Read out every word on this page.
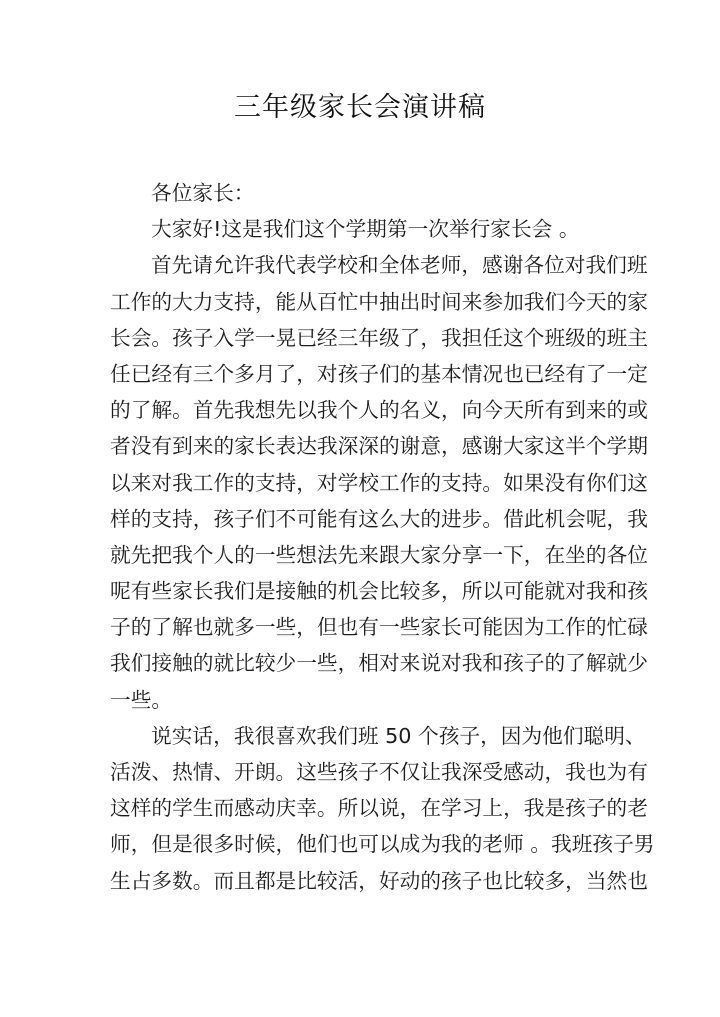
三年级家长会演讲稿
各位家长：
大家好!这是我们这个学期第一次举行家长会 。
首先请允许我代表学校和全体老师，感谢各位对我们班
工作的大力支持，能从百忙中抽出时间来参加我们今天的家
长会。孩子入学一晃已经三年级了，我担任这个班级的班主
任已经有三个多月了，对孩子们的基本情况也已经有了一定
的了解。首先我想先以我个人的名义，向今天所有到来的或
者没有到来的家长表达我深深的谢意，感谢大家这半个学期
以来对我工作的支持，对学校工作的支持。如果没有你们这
样的支持，孩子们不可能有这么大的进步。借此机会呢，我
就先把我个人的一些想法先来跟大家分享一下，在坐的各位
呢有些家长我们是接触的机会比较多，所以可能就对我和孩
子的了解也就多一些，但也有一些家长可能因为工作的忙碌
我们接触的就比较少一些，相对来说对我和孩子的了解就少
一些。
说实话，我很喜欢我们班 50 个孩子，因为他们聪明、
活泼、热情、开朗。这些孩子不仅让我深受感动，我也为有
这样的学生而感动庆幸。所以说，在学习上，我是孩子的老
师，但是很多时候，他们也可以成为我的老师 。我班孩子男
生占多数。而且都是比较活，好动的孩子也比较多，当然也
